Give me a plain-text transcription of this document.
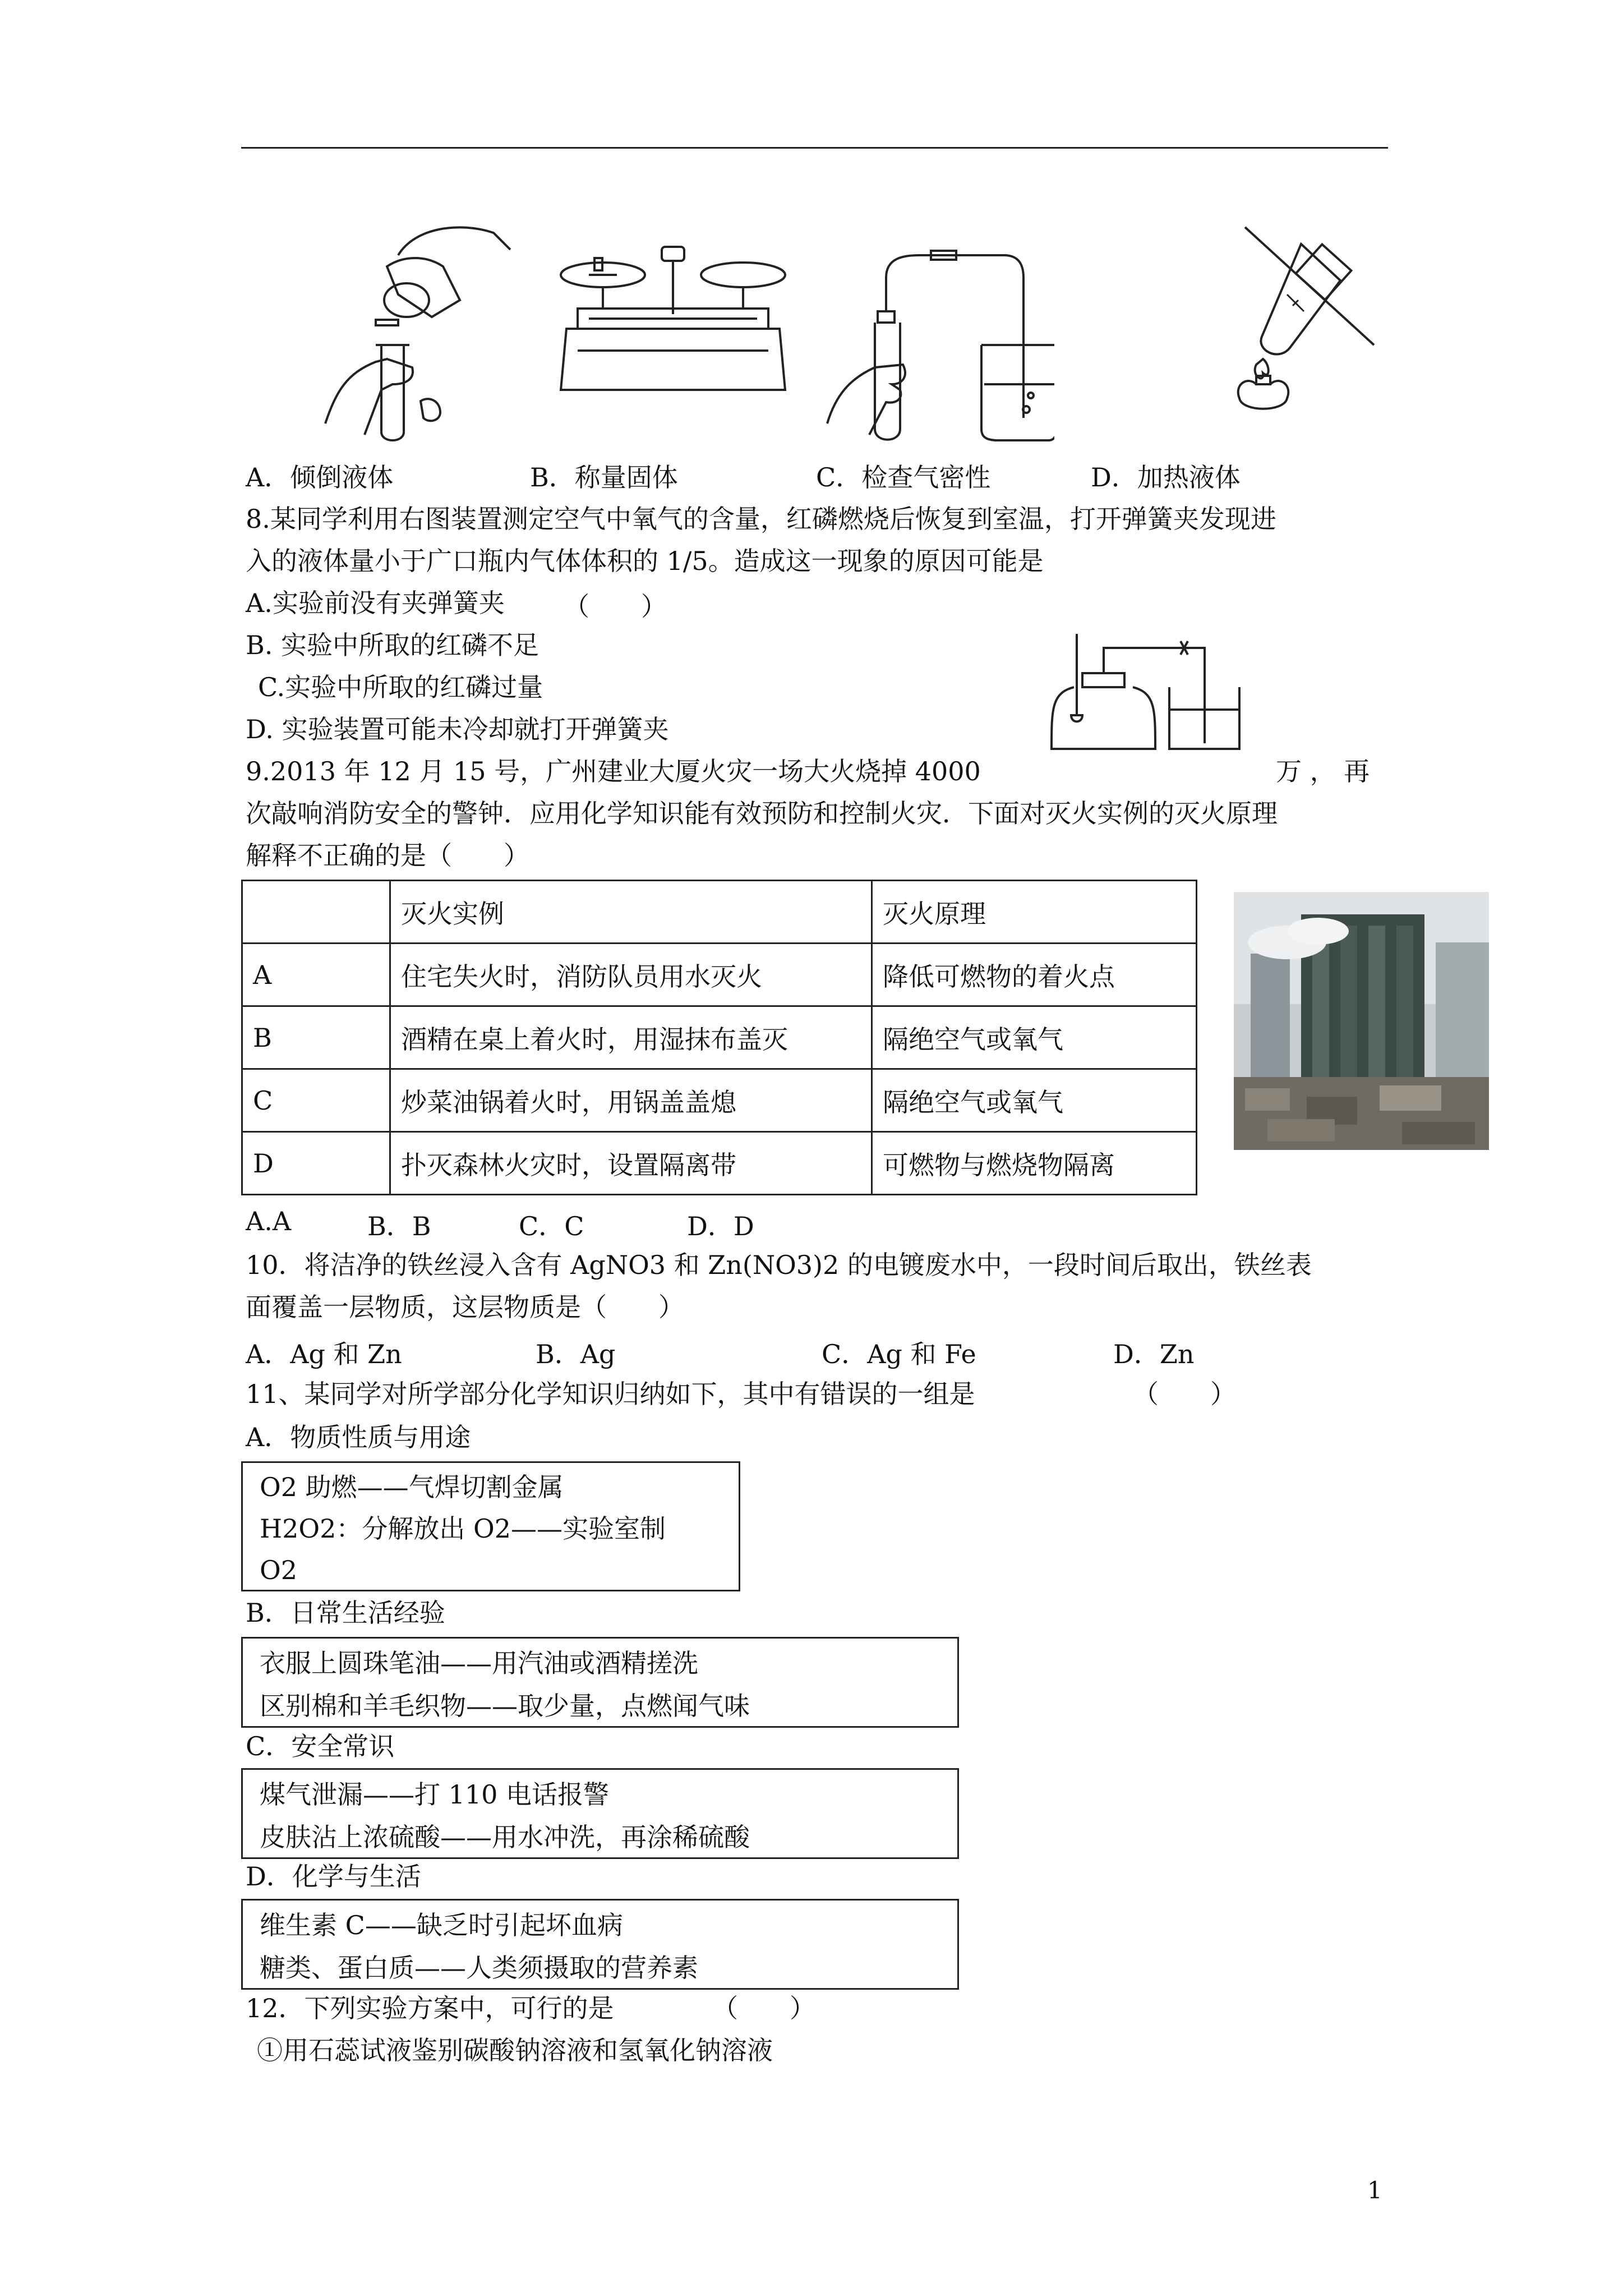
A．倾倒液体	B．称量固体	C．检查气密性	D．加热液体
8.某同学利用右图装置测定空气中氧气的含量，红磷燃烧后恢复到室温，打开弹簧夹发现进
入的液体量小于广口瓶内气体体积的 1/5。造成这一现象的原因可能是
A.实验前没有夹弹簧夹 （　　）
B. 实验中所取的红磷不足
C.实验中所取的红磷过量
D. 实验装置可能未冷却就打开弹簧夹
9.2013 年 12 月 15 号，广州建业大厦火灾一场大火烧掉 4000	万 ， 再
次敲响消防安全的警钟．应用化学知识能有效预防和控制火灾．下面对灭火实例的灭火原理
解释不正确的是（　　）
	灭火实例	灭火原理
A	住宅失火时，消防队员用水灭火	降低可燃物的着火点
B	酒精在桌上着火时，用湿抹布盖灭	隔绝空气或氧气
C	炒菜油锅着火时，用锅盖盖熄	隔绝空气或氧气
D	扑灭森林火灾时，设置隔离带	可燃物与燃烧物隔离
A.A	B．B	C．C	D．D
10．将洁净的铁丝浸入含有 AgNO3 和 Zn(NO3)2 的电镀废水中，一段时间后取出，铁丝表
面覆盖一层物质，这层物质是（　　）
A．Ag 和 Zn	B．Ag	C．Ag 和 Fe	D．Zn
11、某同学对所学部分化学知识归纳如下，其中有错误的一组是	（　　）
A．物质性质与用途
O2 助燃——气焊切割金属
H2O2：分解放出 O2——实验室制
O2
B．日常生活经验
衣服上圆珠笔油——用汽油或酒精搓洗
区别棉和羊毛织物——取少量，点燃闻气味
C．安全常识
煤气泄漏——打 110 电话报警
皮肤沾上浓硫酸——用水冲洗，再涂稀硫酸
D．化学与生活
维生素 C——缺乏时引起坏血病
糖类、蛋白质——人类须摄取的营养素
12．下列实验方案中，可行的是	（　　）
①用石蕊试液鉴别碳酸钠溶液和氢氧化钠溶液
1
